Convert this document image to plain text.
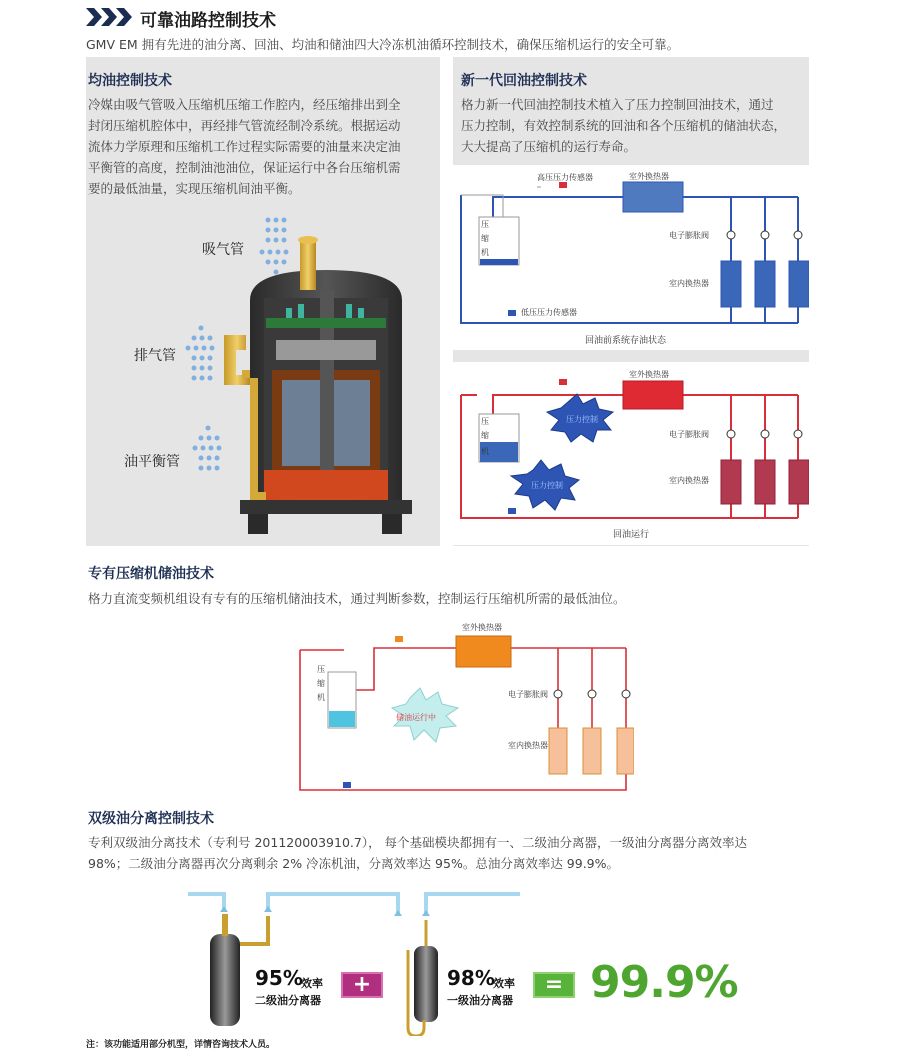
可靠油路控制技术
GMV EM 拥有先进的油分离、回油、均油和储油四大冷冻机油循环控制技术，确保压缩机运行的安全可靠。
均油控制技术
冷媒由吸气管吸入压缩机压缩工作腔内，经压缩排出到全
封闭压缩机腔体中，再经排气管流经制冷系统。根据运动
流体力学原理和压缩机工作过程实际需要的油量来决定油
平衡管的高度，控制油池油位，保证运行中各台压缩机需
要的最低油量，实现压缩机间油平衡。
吸气管
排气管
油平衡管
新一代回油控制技术
格力新一代回油控制技术植入了压力控制回油技术，通过
压力控制，有效控制系统的回油和各个压缩机的储油状态，
大大提高了压缩机的运行寿命。
高压压力传感器	室外换热器
压
缩
机
电子膨胀阀
室内换热器
低压压力传感器
回油前系统存油状态
压力控制
压力控制
室外换热器
压
缩
机
电子膨胀阀
室内换热器
回油运行
专有压缩机储油技术
格力直流变频机组设有专有的压缩机储油技术，通过判断参数，控制运行压缩机所需的最低油位。
储油运行中
室外换热器
压
缩
机	电子膨胀阀
室内换热器
双级油分离控制技术
专利双级油分离技术（专利号 201120003910.7）， 每个基础模块都拥有一、二级油分离器，一级油分离器分离效率达
98%；二级油分离器再次分离剩余 2% 冷冻机油，分离效率达 95%。总油分离效率达 99.9%。
95%
效率
二级油分离器
+	98%
效率
一级油分离器
= 99.9%
注：该功能适用部分机型，详情咨询技术人员。
